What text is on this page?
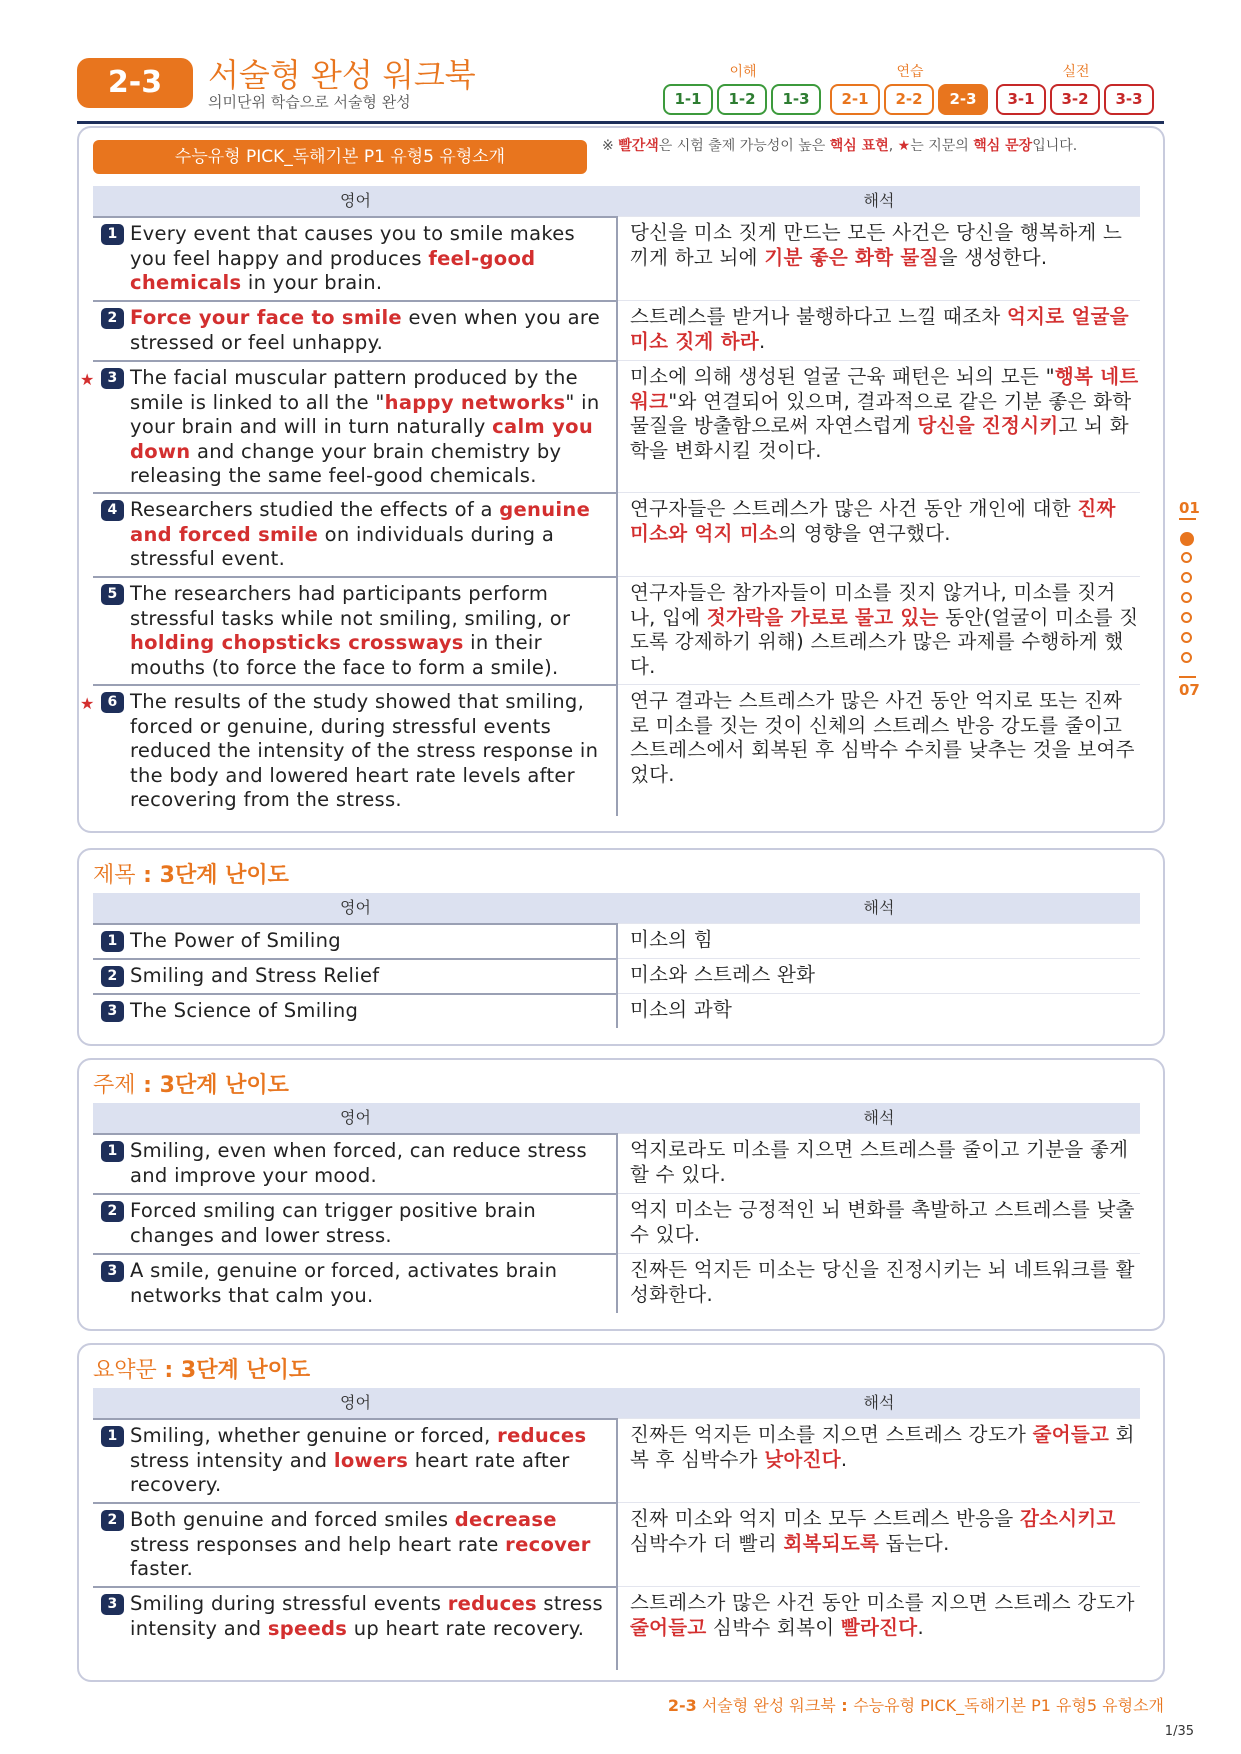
2-3	서술형 완성 워크북
의미단위 학습으로 서술형 완성
이해	연습	실전
1-1	1-2	1-3	2-1	2-2	2-3	3-1	3-2	3-3
수능유형 PICK_독해기본 P1 유형5 유형소개
※ 빨간색은 시험 출제 가능성이 높은 핵심 표현, ★는 지문의 핵심 문장입니다.
영어	해석
1 Every event that causes you to smile makes you feel happy and produces feel-good chemicals in your brain.
당신을 미소 짓게 만드는 모든 사건은 당신을 행복하게 느끼게 하고 뇌에 기분 좋은 화학 물질을 생성한다.
2 Force your face to smile even when you are stressed or feel unhappy.
스트레스를 받거나 불행하다고 느낄 때조차 억지로 얼굴을 미소 짓게 하라.
★ 3 The facial muscular pattern produced by the smile is linked to all the "happy networks" in your brain and will in turn naturally calm you down and change your brain chemistry by releasing the same feel-good chemicals.
미소에 의해 생성된 얼굴 근육 패턴은 뇌의 모든 "행복 네트워크"와 연결되어 있으며, 결과적으로 같은 기분 좋은 화학 물질을 방출함으로써 자연스럽게 당신을 진정시키고 뇌 화학을 변화시킬 것이다.
4 Researchers studied the effects of a genuine and forced smile on individuals during a stressful event.
연구자들은 스트레스가 많은 사건 동안 개인에 대한 진짜 미소와 억지 미소의 영향을 연구했다.
5 The researchers had participants perform stressful tasks while not smiling, smiling, or holding chopsticks crossways in their mouths (to force the face to form a smile).
연구자들은 참가자들이 미소를 짓지 않거나, 미소를 짓거나, 입에 젓가락을 가로로 물고 있는 동안(얼굴이 미소를 짓도록 강제하기 위해) 스트레스가 많은 과제를 수행하게 했다.
★ 6 The results of the study showed that smiling, forced or genuine, during stressful events reduced the intensity of the stress response in the body and lowered heart rate levels after recovering from the stress.
연구 결과는 스트레스가 많은 사건 동안 억지로 또는 진짜로 미소를 짓는 것이 신체의 스트레스 반응 강도를 줄이고 스트레스에서 회복된 후 심박수 수치를 낮추는 것을 보여주었다.
제목 : 3단계 난이도
영어	해석
1 The Power of Smiling	미소의 힘
2 Smiling and Stress Relief	미소와 스트레스 완화
3 The Science of Smiling	미소의 과학
주제 : 3단계 난이도
영어	해석
1 Smiling, even when forced, can reduce stress and improve your mood.
억지로라도 미소를 지으면 스트레스를 줄이고 기분을 좋게 할 수 있다.
2 Forced smiling can trigger positive brain changes and lower stress.
억지 미소는 긍정적인 뇌 변화를 촉발하고 스트레스를 낮출 수 있다.
3 A smile, genuine or forced, activates brain networks that calm you.
진짜든 억지든 미소는 당신을 진정시키는 뇌 네트워크를 활성화한다.
요약문 : 3단계 난이도
영어	해석
1 Smiling, whether genuine or forced, reduces stress intensity and lowers heart rate after recovery.
진짜든 억지든 미소를 지으면 스트레스 강도가 줄어들고 회복 후 심박수가 낮아진다.
2 Both genuine and forced smiles decrease stress responses and help heart rate recover faster.
진짜 미소와 억지 미소 모두 스트레스 반응을 감소시키고 심박수가 더 빨리 회복되도록 돕는다.
3 Smiling during stressful events reduces stress intensity and speeds up heart rate recovery.
스트레스가 많은 사건 동안 미소를 지으면 스트레스 강도가 줄어들고 심박수 회복이 빨라진다.
01
07
2-3 서술형 완성 워크북 : 수능유형 PICK_독해기본 P1 유형5 유형소개
1/35
